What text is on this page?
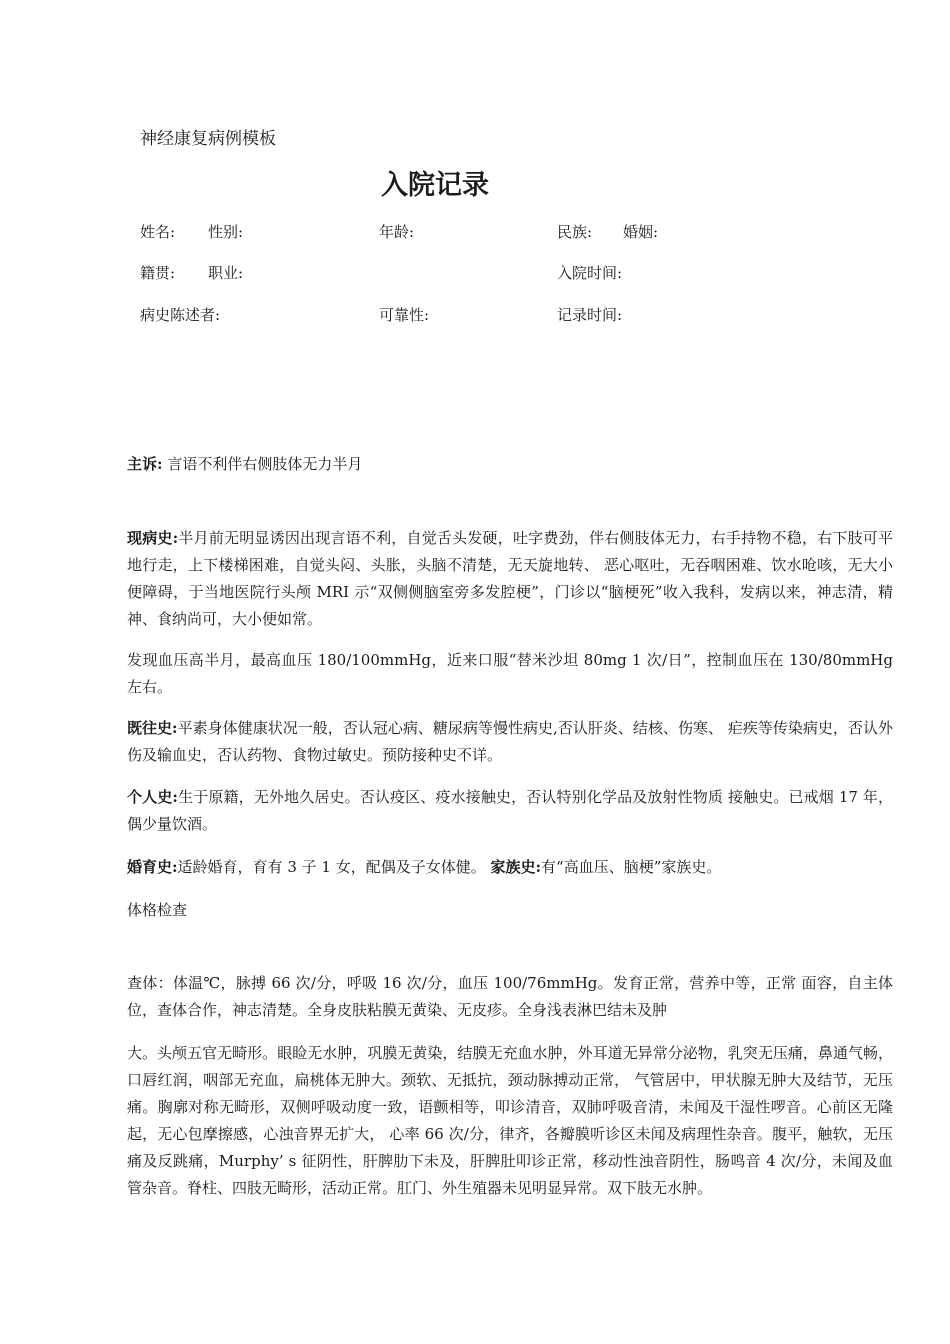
神经康复病例模板
入院记录
姓名: 性别:	年龄:	民族: 婚姻:
籍贯: 职业:	入院时间:
病史陈述者:	可靠性:	记录时间:
主诉: 言语不利伴右侧肢体无力半月
现病史:半月前无明显诱因出现言语不利，自觉舌头发硬，吐字费劲，伴右侧肢体无力，右手持物不稳，右下肢可平地行走，上下楼梯困难，自觉头闷、头胀，头脑不清楚，无天旋地转、 恶心呕吐，无吞咽困难、饮水呛咳，无大小便障碍，于当地医院行头颅 MRI 示“双侧侧脑室旁多发腔梗”，门诊以“脑梗死”收入我科，发病以来，神志清，精神、食纳尚可，大小便如常。
发现血压高半月，最高血压 180/100mmHg，近来口服“替米沙坦 80mg 1 次/日”，控制血压在 130/80mmHg 左右。
既往史:平素身体健康状况一般，否认冠心病、糖尿病等慢性病史,否认肝炎、结核、伤寒、 疟疾等传染病史，否认外伤及输血史，否认药物、食物过敏史。预防接种史不详。
个人史:生于原籍，无外地久居史。否认疫区、疫水接触史，否认特别化学品及放射性物质 接触史。已戒烟 17 年，偶少量饮酒。
婚育史:适龄婚育，育有 3 子 1 女，配偶及子女体健。 家族史:有“高血压、脑梗”家族史。
体格检查
查体：体温℃，脉搏 66 次/分，呼吸 16 次/分，血压 100/76mmHg。发育正常，营养中等，正常 面容，自主体位，查体合作，神志清楚。全身皮肤粘膜无黄染、无皮疹。全身浅表淋巴结未及肿
大。头颅五官无畸形。眼睑无水肿，巩膜无黄染，结膜无充血水肿，外耳道无异常分泌物，乳突无压痛，鼻通气畅，口唇红润，咽部无充血，扁桃体无肿大。颈软、无抵抗，颈动脉搏动正常， 气管居中，甲状腺无肿大及结节，无压痛。胸廓对称无畸形，双侧呼吸动度一致，语颤相等，叩诊清音，双肺呼吸音清，未闻及干湿性啰音。心前区无隆起，无心包摩擦感，心浊音界无扩大， 心率 66 次/分，律齐，各瓣膜听诊区未闻及病理性杂音。腹平，触软，无压痛及反跳痛，Murphy’ s 征阴性，肝脾肋下未及，肝脾肚叩诊正常，移动性浊音阴性，肠鸣音 4 次/分，未闻及血管杂音。脊柱、四肢无畸形，活动正常。肛门、外生殖器未见明显异常。双下肢无水肿。
